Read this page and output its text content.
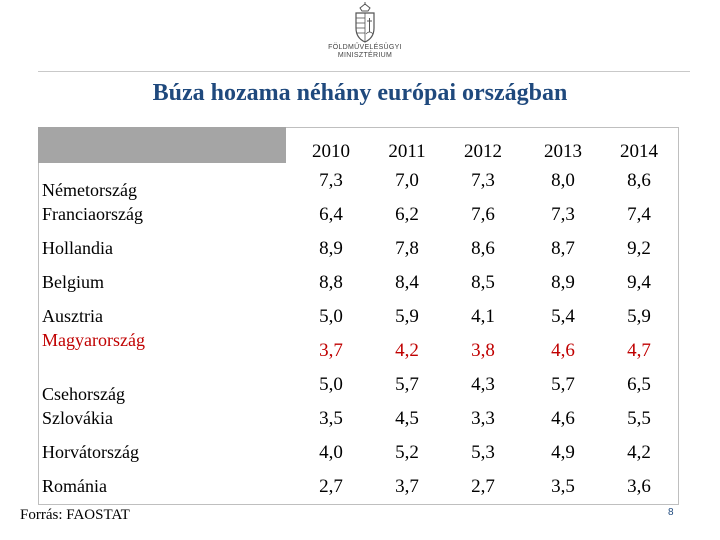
FÖLDMŰVELÉSÜGYI
MINISZTÉRIUM
Búza hozama néhány európai országban
2010	2011	2012	2013	2014
Németország	7,3	7,0	7,3	8,0	8,6
Franciaország	6,4	6,2	7,6	7,3	7,4
Hollandia	8,9	7,8	8,6	8,7	9,2
Belgium	8,8	8,4	8,5	8,9	9,4
Ausztria	5,0	5,9	4,1	5,4	5,9
Magyarország	3,7	4,2	3,8	4,6	4,7
Csehország	5,0	5,7	4,3	5,7	6,5
Szlovákia	3,5	4,5	3,3	4,6	5,5
Horvátország	4,0	5,2	5,3	4,9	4,2
Románia	2,7	3,7	2,7	3,5	3,6
Forrás: FAOSTAT	8
